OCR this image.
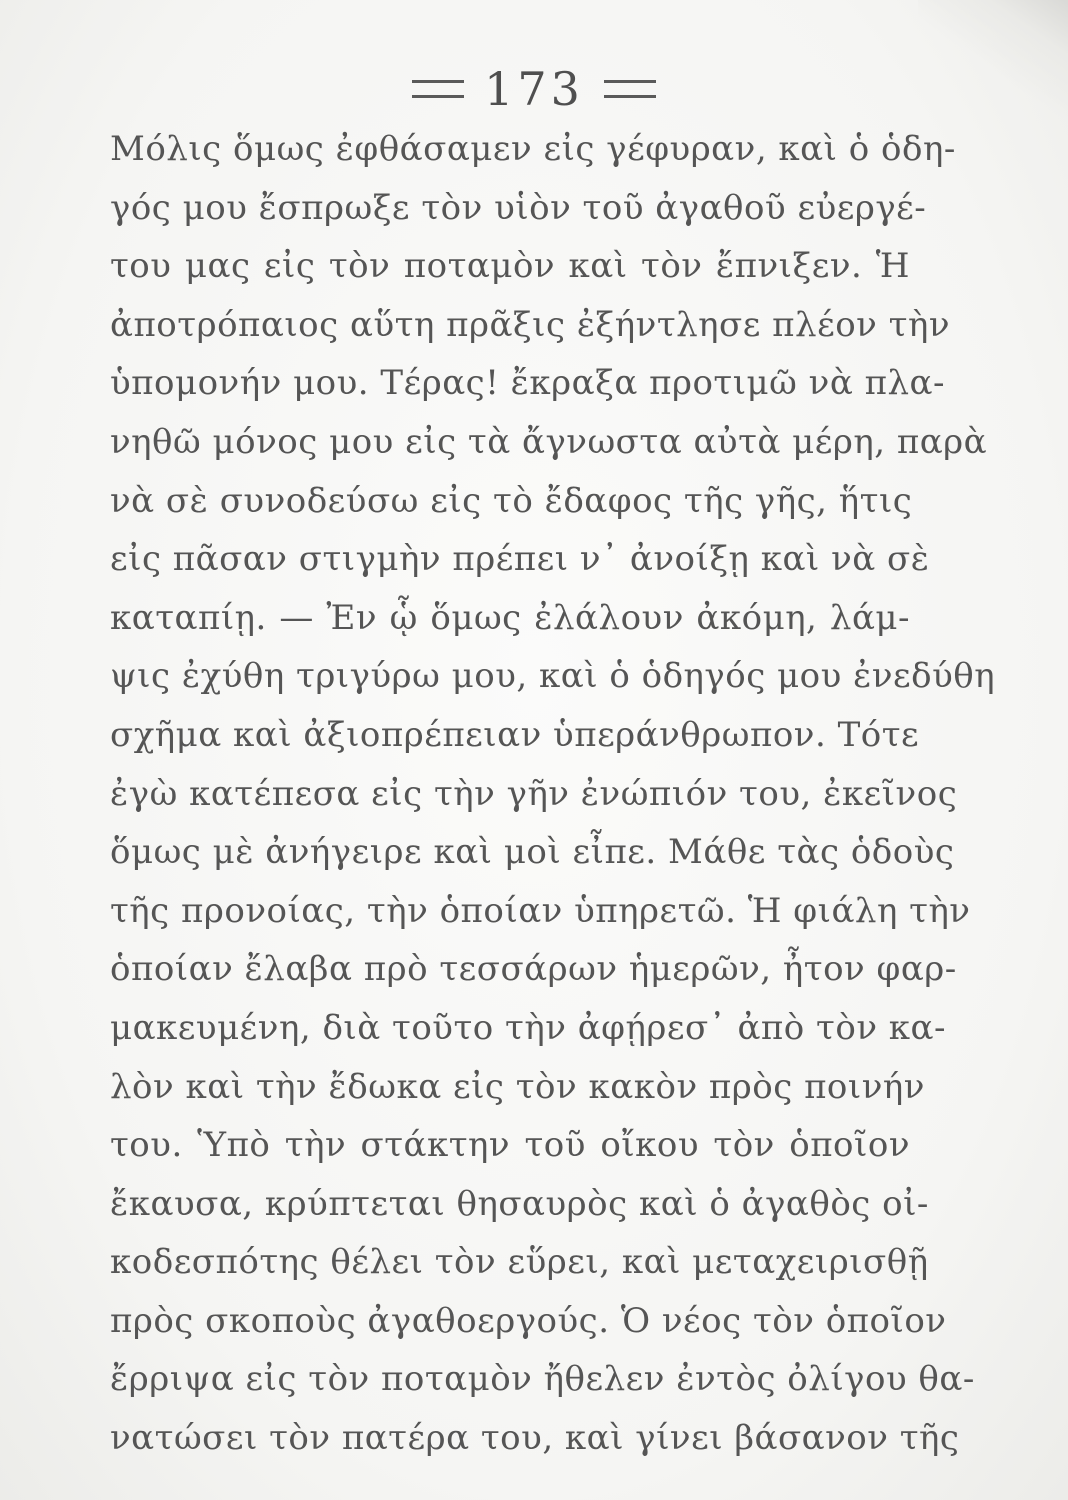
173
Μόλις ὅμως ἐφθάσαμεν εἰς γέφυραν, καὶ ὁ ὁδη-
γός μου ἔσπρωξε τὸν υἱὸν τοῦ ἀγαθοῦ εὐεργέ-
του μας εἰς τὸν ποταμὸν καὶ τὸν ἔπνιξεν. Ἡ
ἀποτρόπαιος αὕτη πρᾶξις ἐξήντλησε πλέον τὴν
ὑπομονήν μου. Τέρας! ἔκραξα προτιμῶ νὰ πλα-
νηθῶ μόνος μου εἰς τὰ ἄγνωστα αὐτὰ μέρη, παρὰ
νὰ σὲ συνοδεύσω εἰς τὸ ἔδαφος τῆς γῆς, ἥτις
εἰς πᾶσαν στιγμὴν πρέπει ν᾽ ἀνοίξῃ καὶ νὰ σὲ
καταπίῃ. — Ἐν ᾧ ὅμως ἐλάλουν ἀκόμη, λάμ-
ψις ἐχύθη τριγύρω μου, καὶ ὁ ὁδηγός μου ἐνεδύθη
σχῆμα καὶ ἀξιοπρέπειαν ὑπεράνθρωπον. Τότε
ἐγὼ κατέπεσα εἰς τὴν γῆν ἐνώπιόν του, ἐκεῖνος
ὅμως μὲ ἀνήγειρε καὶ μοὶ εἶπε. Μάθε τὰς ὁδοὺς
τῆς προνοίας, τὴν ὁποίαν ὑπηρετῶ. Ἡ φιάλη τὴν
ὁποίαν ἔλαβα πρὸ τεσσάρων ἡμερῶν, ἦτον φαρ-
μακευμένη, διὰ τοῦτο τὴν ἀφῄρεσ᾽ ἀπὸ τὸν κα-
λὸν καὶ τὴν ἔδωκα εἰς τὸν κακὸν πρὸς ποινήν
του. Ὑπὸ τὴν στάκτην τοῦ οἴκου τὸν ὁποῖον
ἔκαυσα, κρύπτεται θησαυρὸς καὶ ὁ ἀγαθὸς οἰ-
κοδεσπότης θέλει τὸν εὕρει, καὶ μεταχειρισθῇ
πρὸς σκοποὺς ἀγαθοεργούς. Ὁ νέος τὸν ὁποῖον
ἔρριψα εἰς τὸν ποταμὸν ἤθελεν ἐντὸς ὀλίγου θα-
νατώσει τὸν πατέρα του, καὶ γίνει βάσανον τῆς
